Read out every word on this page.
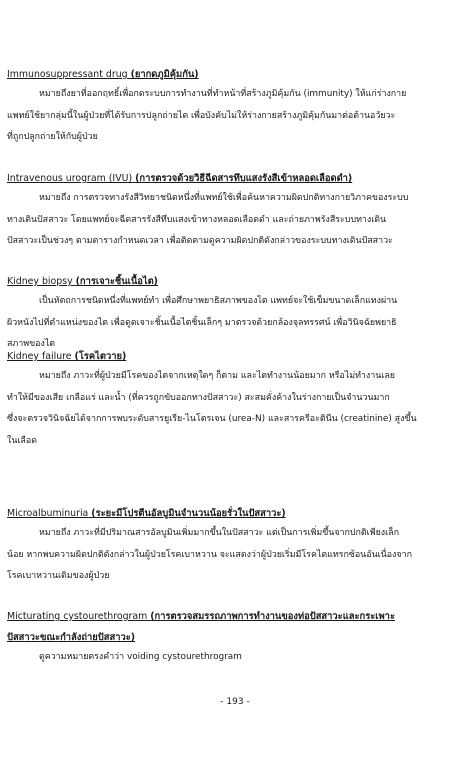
Immunosuppressant drug (ยากดภูมิคุ้มกัน)

หมายถึงยาที่ออกฤทธิ์เพื่อกดระบบการทำงานที่ทำหน้าที่สร้างภูมิคุ้มกัน (immunity) ให้แก่ร่างกาย
แพทย์ใช้ยากลุ่มนี้ในผู้ป่วยที่ได้รับการปลูกถ่ายไต เพื่อบังคับไม่ให้ร่างกายสร้างภูมิคุ้มกันมาต่อต้านอวัยวะ
ที่ถูกปลูกถ่ายให้กับผู้ป่วย

Intravenous urogram (IVU) (การตรวจด้วยวิธีฉีดสารทึบแสงรังสีเข้าหลอดเลือดดำ)

หมายถึง การตรวจทางรังสีวิทยาชนิดหนึ่งที่แพทย์ใช้เพื่อค้นหาความผิดปกติทางกายวิภาคของระบบ
ทางเดินปัสสาวะ โดยแพทย์จะฉีดสารรังสีทึบแสงเข้าทางหลอดเลือดดำ และถ่ายภาพรังสีระบบทางเดิน
ปัสสาวะเป็นช่วงๆ ตามตารางกำหนดเวลา เพื่อติดตามดูความผิดปกติดังกล่าวของระบบทางเดินปัสสาวะ

Kidney biopsy (การเจาะชิ้นเนื้อไต)

เป็นหัตถการชนิดหนึ่งที่แพทย์ทำ เพื่อศึกษาพยาธิสภาพของไต แพทย์จะใช้เข็มขนาดเล็กแทงผ่าน
ผิวหนังไปที่ตำแหน่งของไต เพื่อดูดเจาะชิ้นเนื้อไตชิ้นเล็กๆ มาตรวจด้วยกล้องจุลทรรศน์ เพื่อวินิจฉัยพยาธิ
สภาพของไต

Kidney failure (โรคไตวาย)

หมายถึง ภาวะที่ผู้ป่วยมีโรคของไตจากเหตุใดๆ ก็ตาม และไตทำงานน้อยมาก หรือไม่ทำงานเลย
ทำให้มีของเสีย เกลือแร่ และน้ำ (ที่ควรถูกขับออกทางปัสสาวะ) สะสมคั่งค้างในร่างกายเป็นจำนวนมาก
ซึ่งจะตรวจวินิจฉัยได้จากการพบระดับสารยูเรีย-ไนโตรเจน (urea-N) และสารครีอะตินีน (creatinine) สูงขึ้น
ในเลือด

Microalbuminuria (ระยะมีโปรตีนอัลบูมินจำนวนน้อยรั่วในปัสสาวะ)

หมายถึง ภาวะที่มีปริมาณสารอัลบูมินเพิ่มมากขึ้นในปัสสาวะ แต่เป็นการเพิ่มขึ้นจากปกติเพียงเล็ก
น้อย หากพบความผิดปกติดังกล่าวในผู้ป่วยโรคเบาหวาน จะแสดงว่าผู้ป่วยเริ่มมีโรคไตแทรกซ้อนอันเนื่องจาก
โรคเบาหวานเดิมของผู้ป่วย

Micturating cystourethrogram (การตรวจสมรรถภาพการทำงานของท่อปัสสาวะและกระเพาะ

ปัสสาวะขณะกำลังถ่ายปัสสาวะ)

ดูความหมายตรงคำว่า voiding cystourethrogram
- 193 -
